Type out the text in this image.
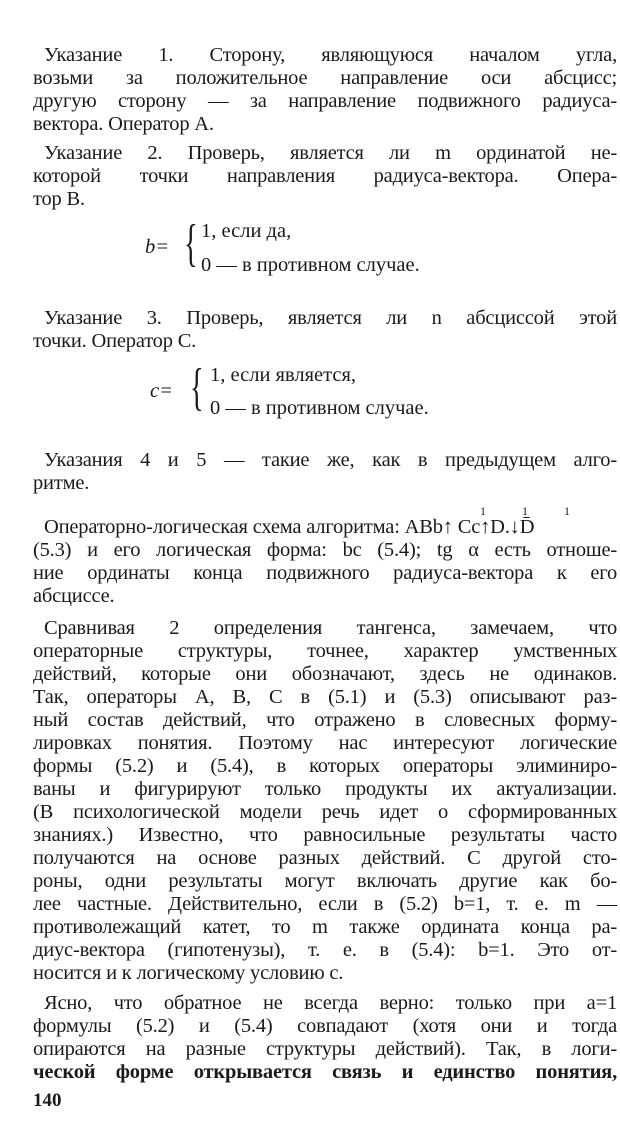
Указание 1. Сторону, являющуюся началом угла,
возьми за положительное направление оси абсцисс;
другую сторону — за направление подвижного радиуса-
вектора. Оператор A.
Указание 2. Проверь, является ли m ординатой не-
которой точки направления радиуса-вектора. Опера-
тор B.
Указание 3. Проверь, является ли n абсциссой этой
точки. Оператор C.
Указания 4 и 5 — такие же, как в предыдущем алго-
ритме.
Операторно-логическая схема алгоритма: ABb↑ Cc↑D.↓D̄
(5.3) и его логическая форма: bc (5.4); tg α есть отноше-
ние ординаты конца подвижного радиуса-вектора к его
абсциссе.
Сравнивая 2 определения тангенса, замечаем, что
операторные структуры, точнее, характер умственных
действий, которые они обозначают, здесь не одинаков.
Так, операторы A, B, C в (5.1) и (5.3) описывают раз-
ный состав действий, что отражено в словесных форму-
лировках понятия. Поэтому нас интересуют логические
формы (5.2) и (5.4), в которых операторы элиминиро-
ваны и фигурируют только продукты их актуализации.
(В психологической модели речь идет о сформированных
знаниях.) Известно, что равносильные результаты часто
получаются на основе разных действий. С другой сто-
роны, одни результаты могут включать другие как бо-
лее частные. Действительно, если в (5.2) b=1, т. е. m —
противолежащий катет, то m также ордината конца ра-
диус-вектора (гипотенузы), т. е. в (5.4): b=1. Это от-
носится и к логическому условию c.
Ясно, что обратное не всегда верно: только при a=1
формулы (5.2) и (5.4) совпадают (хотя они и тогда
опираются на разные структуры действий). Так, в логи-
ческой форме открывается связь и единство понятия,
b= { 1, если да,
0 — в противном случае.
c= { 1, если является,
0 — в противном случае.
1    1    1
140
